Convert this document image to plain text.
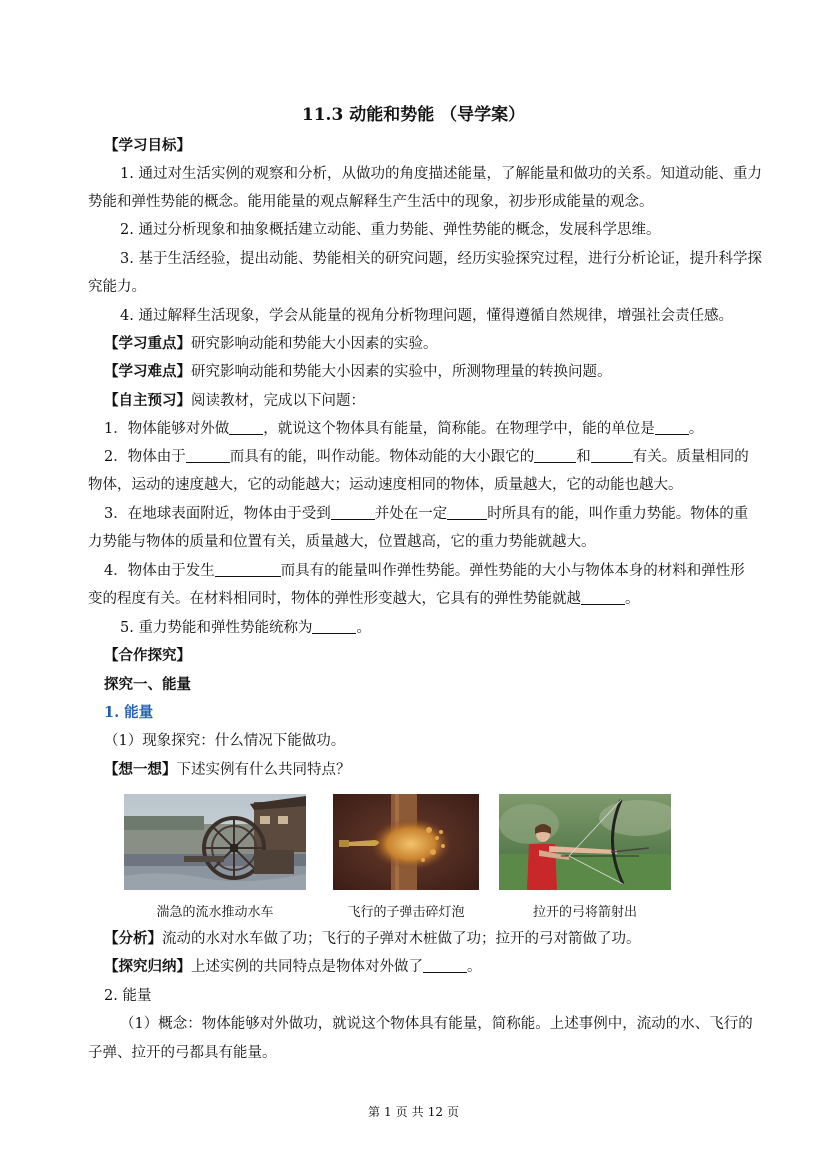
11.3 动能和势能 （导学案）
【学习目标】
1. 通过对生活实例的观察和分析，从做功的角度描述能量，了解能量和做功的关系。知道动能、重力
势能和弹性势能的概念。能用能量的观点解释生产生活中的现象，初步形成能量的观念。
2. 通过分析现象和抽象概括建立动能、重力势能、弹性势能的概念，发展科学思维。
3. 基于生活经验，提出动能、势能相关的研究问题，经历实验探究过程，进行分析论证，提升科学探
究能力。
4. 通过解释生活现象，学会从能量的视角分析物理问题，懂得遵循自然规律，增强社会责任感。
【学习重点】研究影响动能和势能大小因素的实验。
【学习难点】研究影响动能和势能大小因素的实验中，所测物理量的转换问题。
【自主预习】阅读教材，完成以下问题：
1．物体能够对外做 ，就说这个物体具有能量，简称能。在物理学中，能的单位是 。
2．物体由于	而具有的能，叫作动能。物体动能的大小跟它的	和	有关。质量相同的
物体，运动的速度越大，它的动能越大；运动速度相同的物体，质量越大，它的动能也越大。
3．在地球表面附近，物体由于受到	并处在一定	时所具有的能，叫作重力势能。物体的重
力势能与物体的质量和位置有关，质量越大，位置越高，它的重力势能就越大。
4．物体由于发生	而具有的能量叫作弹性势能。弹性势能的大小与物体本身的材料和弹性形
变的程度有关。在材料相同时，物体的弹性形变越大，它具有的弹性势能就越	。
5. 重力势能和弹性势能统称为	。
【合作探究】
探究一、能量
1. 能量
（1）现象探究：什么情况下能做功。
【想一想】下述实例有什么共同特点？
湍急的流水推动水车	飞行的子弹击碎灯泡	拉开的弓将箭射出
【分析】流动的水对水车做了功；飞行的子弹对木桩做了功；拉开的弓对箭做了功。
【探究归纳】上述实例的共同特点是物体对外做了	。
2. 能量
（1）概念：物体能够对外做功，就说这个物体具有能量，简称能。上述事例中，流动的水、飞行的
子弹、拉开的弓都具有能量。
第 1 页 共 12 页
